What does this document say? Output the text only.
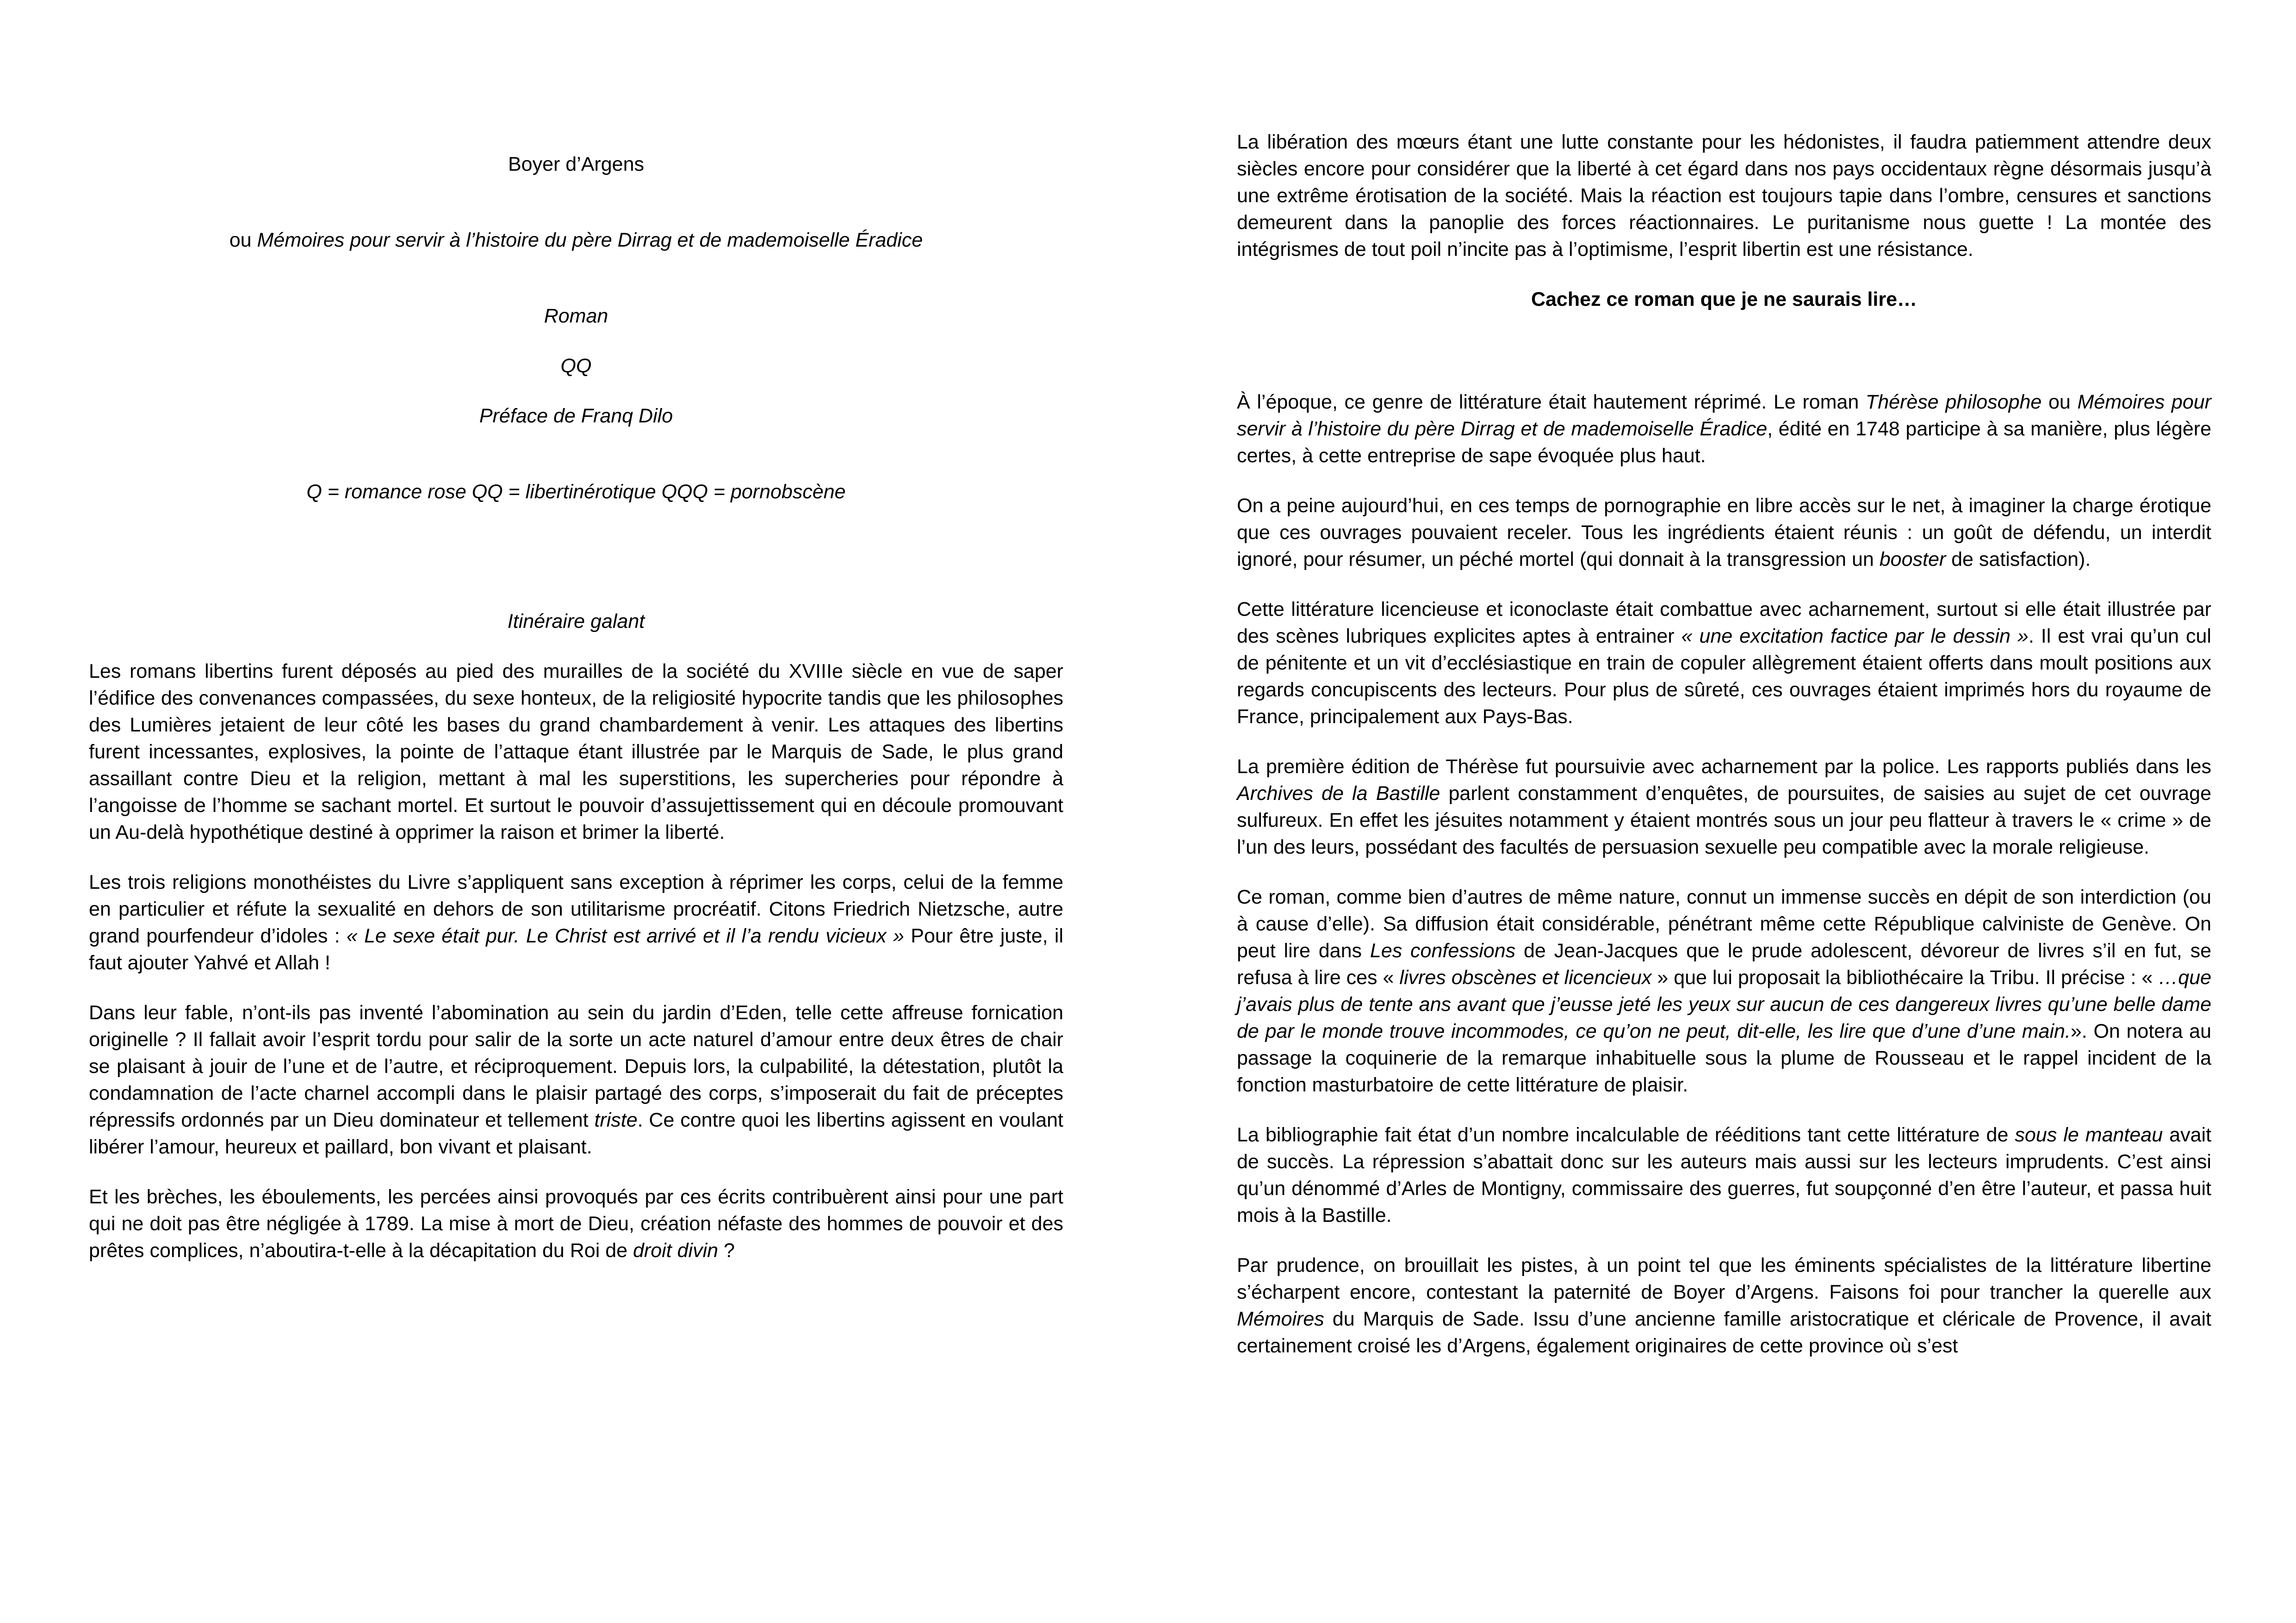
Boyer d’Argens

ou Mémoires pour servir à l’histoire du père Dirrag et de mademoiselle Éradice

Roman

QQ

Préface de Franq Dilo

Q = romance rose QQ = libertinérotique QQQ = pornobscène

Itinéraire galant

Les romans libertins furent déposés au pied des murailles de la société du XVIIIe siècle en vue de saper l’édifice des convenances compassées, du sexe honteux, de la religiosité hypocrite tandis que les philosophes des Lumières jetaient de leur côté les bases du grand chambardement à venir. Les attaques des libertins furent incessantes, explosives, la pointe de l’attaque étant illustrée par le Marquis de Sade, le plus grand assaillant contre Dieu et la religion, mettant à mal les superstitions, les supercheries pour répondre à l’angoisse de l’homme se sachant mortel. Et surtout le pouvoir d’assujettissement qui en découle promouvant un Au-delà hypothétique destiné à opprimer la raison et brimer la liberté.

Les trois religions monothéistes du Livre s’appliquent sans exception à réprimer les corps, celui de la femme en particulier et réfute la sexualité en dehors de son utilitarisme procréatif. Citons Friedrich Nietzsche, autre grand pourfendeur d’idoles : « Le sexe était pur. Le Christ est arrivé et il l’a rendu vicieux » Pour être juste, il faut ajouter Yahvé et Allah !

Dans leur fable, n’ont-ils pas inventé l’abomination au sein du jardin d’Eden, telle cette affreuse fornication originelle ? Il fallait avoir l’esprit tordu pour salir de la sorte un acte naturel d’amour entre deux êtres de chair se plaisant à jouir de l’une et de l’autre, et réciproquement. Depuis lors, la culpabilité, la détestation, plutôt la condamnation de l’acte charnel accompli dans le plaisir partagé des corps, s’imposerait du fait de préceptes répressifs ordonnés par un Dieu dominateur et tellement triste. Ce contre quoi les libertins agissent en voulant libérer l’amour, heureux et paillard, bon vivant et plaisant.

Et les brèches, les éboulements, les percées ainsi provoqués par ces écrits contribuèrent ainsi pour une part qui ne doit pas être négligée à 1789. La mise à mort de Dieu, création néfaste des hommes de pouvoir et des prêtes complices, n’aboutira-t-elle à la décapitation du Roi de droit divin ?

La libération des mœurs étant une lutte constante pour les hédonistes, il faudra patiemment attendre deux siècles encore pour considérer que la liberté à cet égard dans nos pays occidentaux règne désormais jusqu’à une extrême érotisation de la société. Mais la réaction est toujours tapie dans l’ombre, censures et sanctions demeurent dans la panoplie des forces réactionnaires. Le puritanisme nous guette ! La montée des intégrismes de tout poil n’incite pas à l’optimisme, l’esprit libertin est une résistance.

Cachez ce roman que je ne saurais lire…

À l’époque, ce genre de littérature était hautement réprimé. Le roman Thérèse philosophe ou Mémoires pour servir à l’histoire du père Dirrag et de mademoiselle Éradice, édité en 1748 participe à sa manière, plus légère certes, à cette entreprise de sape évoquée plus haut.

On a peine aujourd’hui, en ces temps de pornographie en libre accès sur le net, à imaginer la charge érotique que ces ouvrages pouvaient receler. Tous les ingrédients étaient réunis : un goût de défendu, un interdit ignoré, pour résumer, un péché mortel (qui donnait à la transgression un booster de satisfaction).

Cette littérature licencieuse et iconoclaste était combattue avec acharnement, surtout si elle était illustrée par des scènes lubriques explicites aptes à entrainer « une excitation factice par le dessin ». Il est vrai qu’un cul de pénitente et un vit d’ecclésiastique en train de copuler allègrement étaient offerts dans moult positions aux regards concupiscents des lecteurs. Pour plus de sûreté, ces ouvrages étaient imprimés hors du royaume de France, principalement aux Pays-Bas.

La première édition de Thérèse fut poursuivie avec acharnement par la police. Les rapports publiés dans les Archives de la Bastille parlent constamment d’enquêtes, de poursuites, de saisies au sujet de cet ouvrage sulfureux. En effet les jésuites notamment y étaient montrés sous un jour peu flatteur à travers le « crime » de l’un des leurs, possédant des facultés de persuasion sexuelle peu compatible avec la morale religieuse.

Ce roman, comme bien d’autres de même nature, connut un immense succès en dépit de son interdiction (ou à cause d’elle). Sa diffusion était considérable, pénétrant même cette République calviniste de Genève. On peut lire dans Les confessions de Jean-Jacques que le prude adolescent, dévoreur de livres s’il en fut, se refusa à lire ces « livres obscènes et licencieux » que lui proposait la bibliothécaire la Tribu. Il précise : « …que j’avais plus de tente ans avant que j’eusse jeté les yeux sur aucun de ces dangereux livres qu’une belle dame de par le monde trouve incommodes, ce qu’on ne peut, dit-elle, les lire que d’une d’une main.». On notera au passage la coquinerie de la remarque inhabituelle sous la plume de Rousseau et le rappel incident de la fonction masturbatoire de cette littérature de plaisir.

La bibliographie fait état d’un nombre incalculable de rééditions tant cette littérature de sous le manteau avait de succès. La répression s’abattait donc sur les auteurs mais aussi sur les lecteurs imprudents. C’est ainsi qu’un dénommé d’Arles de Montigny, commissaire des guerres, fut soupçonné d’en être l’auteur, et passa huit mois à la Bastille.

Par prudence, on brouillait les pistes, à un point tel que les éminents spécialistes de la littérature libertine s’écharpent encore, contestant la paternité de Boyer d’Argens. Faisons foi pour trancher la querelle aux Mémoires du Marquis de Sade. Issu d’une ancienne famille aristocratique et cléricale de Provence, il avait certainement croisé les d’Argens, également originaires de cette province où s’est
